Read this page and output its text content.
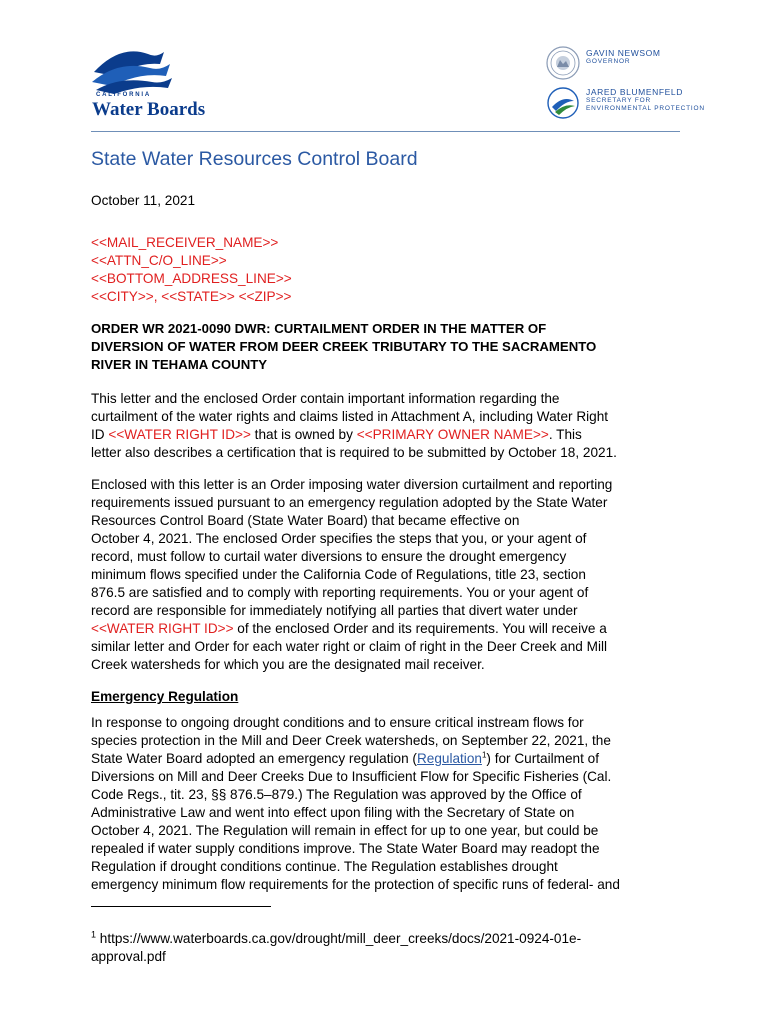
CALIFORNIA
Water Boards
GAVIN NEWSOM
GOVERNOR
JARED BLUMENFELD
SECRETARY FOR
ENVIRONMENTAL PROTECTION
State Water Resources Control Board
October 11, 2021
<<MAIL_RECEIVER_NAME>>
<<ATTN_C/O_LINE>>
<<BOTTOM_ADDRESS_LINE>>
<<CITY>>, <<STATE>> <<ZIP>>
ORDER WR 2021-0090 DWR: CURTAILMENT ORDER IN THE MATTER OF
DIVERSION OF WATER FROM DEER CREEK TRIBUTARY TO THE SACRAMENTO
RIVER IN TEHAMA COUNTY
This letter and the enclosed Order contain important information regarding the
curtailment of the water rights and claims listed in Attachment A, including Water Right
ID <<WATER RIGHT ID>> that is owned by <<PRIMARY OWNER NAME>>. This
letter also describes a certification that is required to be submitted by October 18, 2021.
Enclosed with this letter is an Order imposing water diversion curtailment and reporting
requirements issued pursuant to an emergency regulation adopted by the State Water
Resources Control Board (State Water Board) that became effective on
October 4, 2021. The enclosed Order specifies the steps that you, or your agent of
record, must follow to curtail water diversions to ensure the drought emergency
minimum flows specified under the California Code of Regulations, title 23, section
876.5 are satisfied and to comply with reporting requirements. You or your agent of
record are responsible for immediately notifying all parties that divert water under
<<WATER RIGHT ID>> of the enclosed Order and its requirements. You will receive a
similar letter and Order for each water right or claim of right in the Deer Creek and Mill
Creek watersheds for which you are the designated mail receiver.
Emergency Regulation
In response to ongoing drought conditions and to ensure critical instream flows for
species protection in the Mill and Deer Creek watersheds, on September 22, 2021, the
State Water Board adopted an emergency regulation (Regulation$^1$) for Curtailment of
Diversions on Mill and Deer Creeks Due to Insufficient Flow for Specific Fisheries (Cal.
Code Regs., tit. 23, §§ 876.5–879.) The Regulation was approved by the Office of
Administrative Law and went into effect upon filing with the Secretary of State on
October 4, 2021. The Regulation will remain in effect for up to one year, but could be
repealed if water supply conditions improve. The State Water Board may readopt the
Regulation if drought conditions continue. The Regulation establishes drought
emergency minimum flow requirements for the protection of specific runs of federal- and
$^1$ https://www.waterboards.ca.gov/drought/mill_deer_creeks/docs/2021-0924-01e-
approval.pdf
